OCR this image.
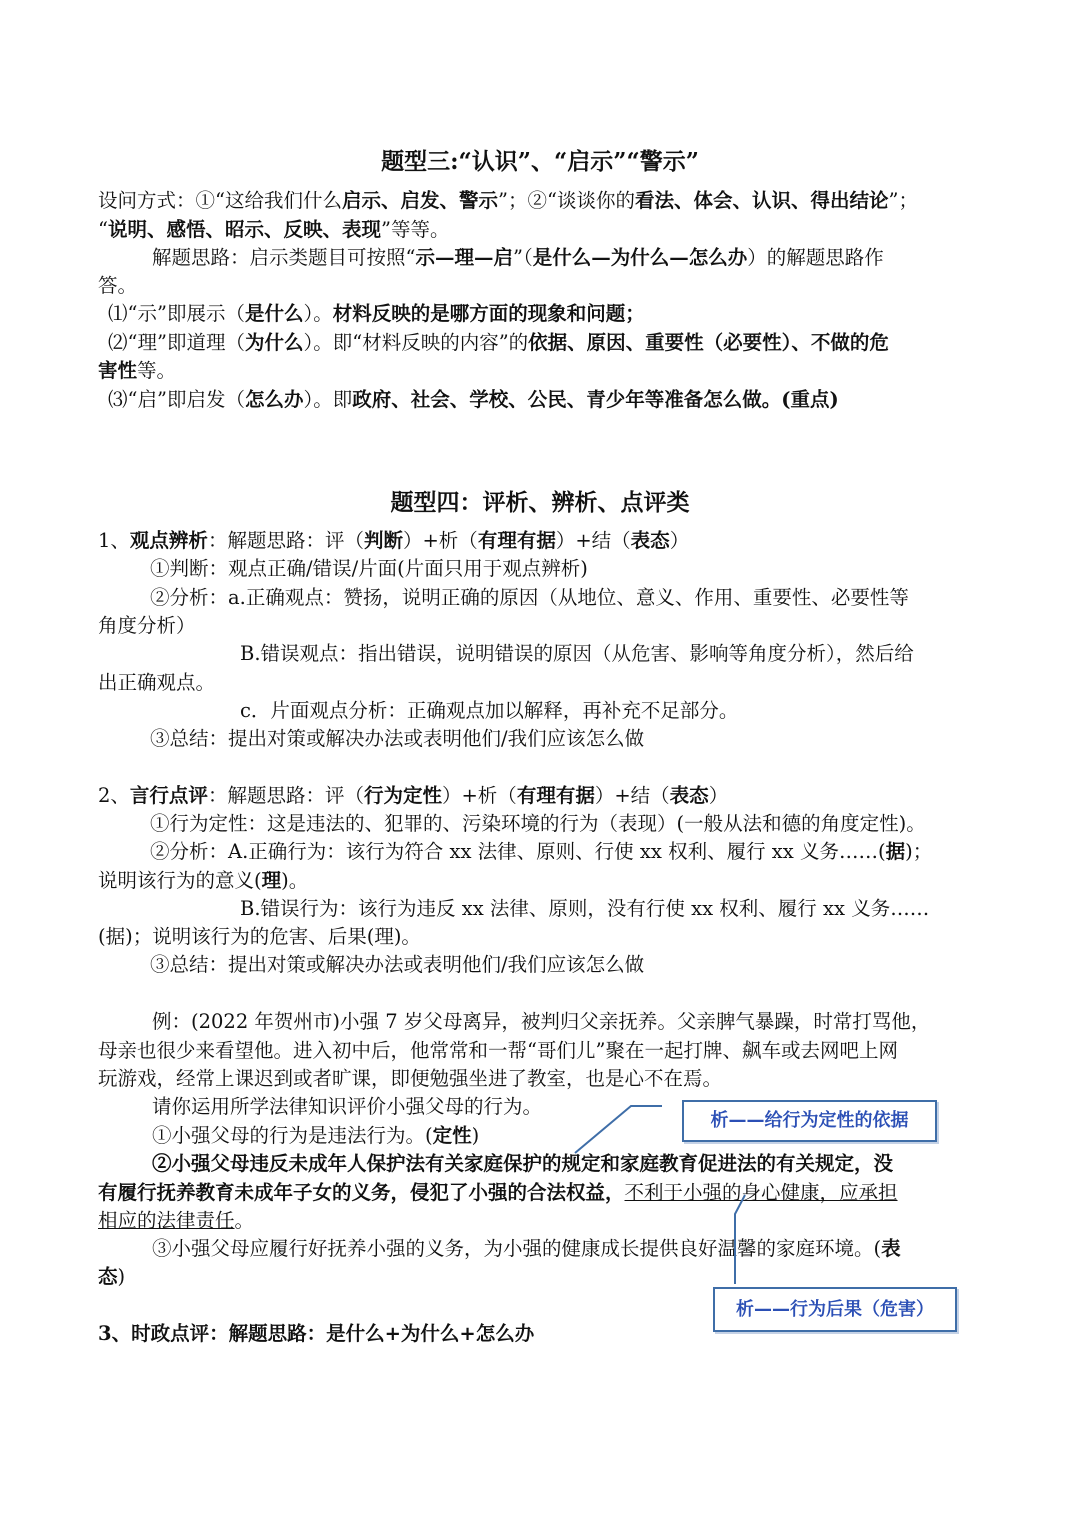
题型三:“认识”、“启示”“警示”
设问方式：①“这给我们什么启示、启发、警示”；②“谈谈你的看法、体会、认识、得出结论”；
“说明、感悟、昭示、反映、表现”等等。
解题思路：启示类题目可按照“示—理—启”（是什么—为什么—怎么办）的解题思路作
答。
⑴“示”即展示（是什么）。材料反映的是哪方面的现象和问题；
⑵“理”即道理（为什么）。即“材料反映的内容”的依据、原因、重要性（必要性）、不做的危
害性等。
⑶“启”即启发（怎么办）。即政府、社会、学校、公民、青少年等准备怎么做。(重点)
题型四：评析、辨析、点评类
1、观点辨析：解题思路：评（判断）+析（有理有据）+结（表态）
①判断：观点正确/错误/片面(片面只用于观点辨析)
②分析：a.正确观点：赞扬，说明正确的原因（从地位、意义、作用、重要性、必要性等
角度分析）
B.错误观点：指出错误，说明错误的原因（从危害、影响等角度分析），然后给
出正确观点。
c．片面观点分析：正确观点加以解释，再补充不足部分。
③总结：提出对策或解决办法或表明他们/我们应该怎么做
2、言行点评：解题思路：评（行为定性）+析（有理有据）+结（表态）
①行为定性：这是违法的、犯罪的、污染环境的行为（表现）(一般从法和德的角度定性)。
②分析：A.正确行为：该行为符合 xx 法律、原则、行使 xx 权利、履行 xx 义务……(据)；
说明该行为的意义(理)。
B.错误行为：该行为违反 xx 法律、原则，没有行使 xx 权利、履行 xx 义务……
(据)；说明该行为的危害、后果(理)。
③总结：提出对策或解决办法或表明他们/我们应该怎么做
例：(2022 年贺州市)小强 7 岁父母离异，被判归父亲抚养。父亲脾气暴躁，时常打骂他，
母亲也很少来看望他。进入初中后，他常常和一帮“哥们儿”聚在一起打牌、飙车或去网吧上网
玩游戏，经常上课迟到或者旷课，即便勉强坐进了教室，也是心不在焉。
请你运用所学法律知识评价小强父母的行为。
①小强父母的行为是违法行为。(定性)
②小强父母违反未成年人保护法有关家庭保护的规定和家庭教育促进法的有关规定，没
有履行抚养教育未成年子女的义务，侵犯了小强的合法权益，不利于小强的身心健康，应承担
相应的法律责任。
③小强父母应履行好抚养小强的义务，为小强的健康成长提供良好温馨的家庭环境。(表
态)
析——给行为定性的依据
析——行为后果（危害）
3、时政点评：解题思路：是什么+为什么+怎么办
